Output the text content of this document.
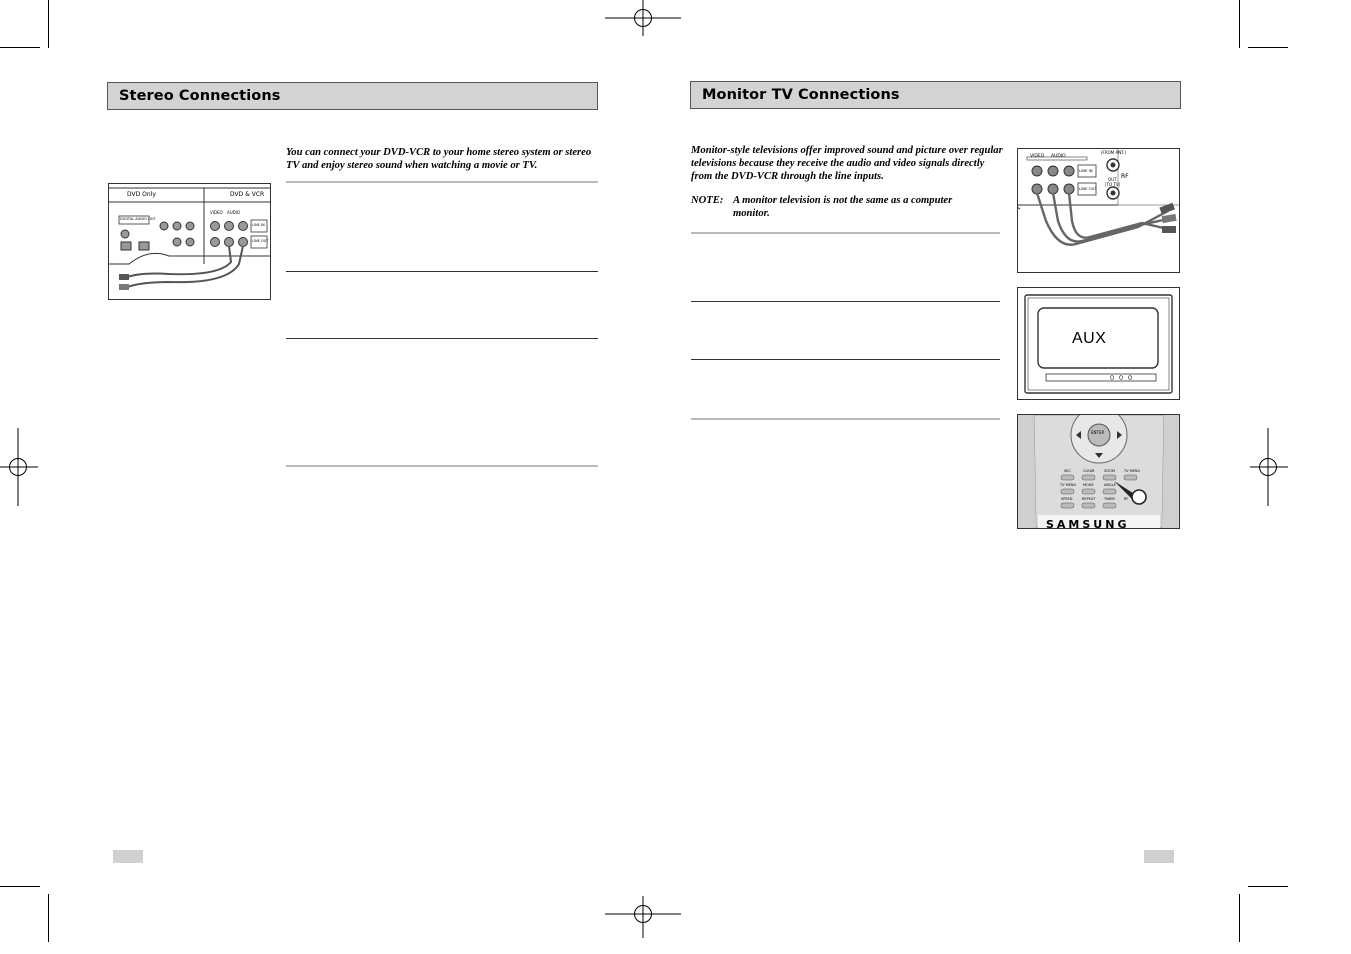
Stereo Connections
You can connect your DVD-VCR to your home stereo system or stereo TV and enjoy stereo sound when watching a movie or TV.
DVD Only	DVD & VCR
DIGITAL AUDIO OUT
VIDEO AUDIO
LINE IN
LINE OUT
Monitor TV Connections
Monitor-style televisions offer improved sound and picture over regular televisions because they receive the audio and video signals directly from the DVD-VCR through the line inputs.
NOTE: A monitor television is not the same as a computer monitor.
VIDEO AUDIO
LINE IN
LINE OUT
(FROM ANT.)
RF
OUT
(TO TV)
AUX
ENTER
SEC	CLEAR	ZOOM	TV MENU
TV MENU MODE	ANGLE
SPEED	REPEAT	TIMER	RF
SAMSUNG
